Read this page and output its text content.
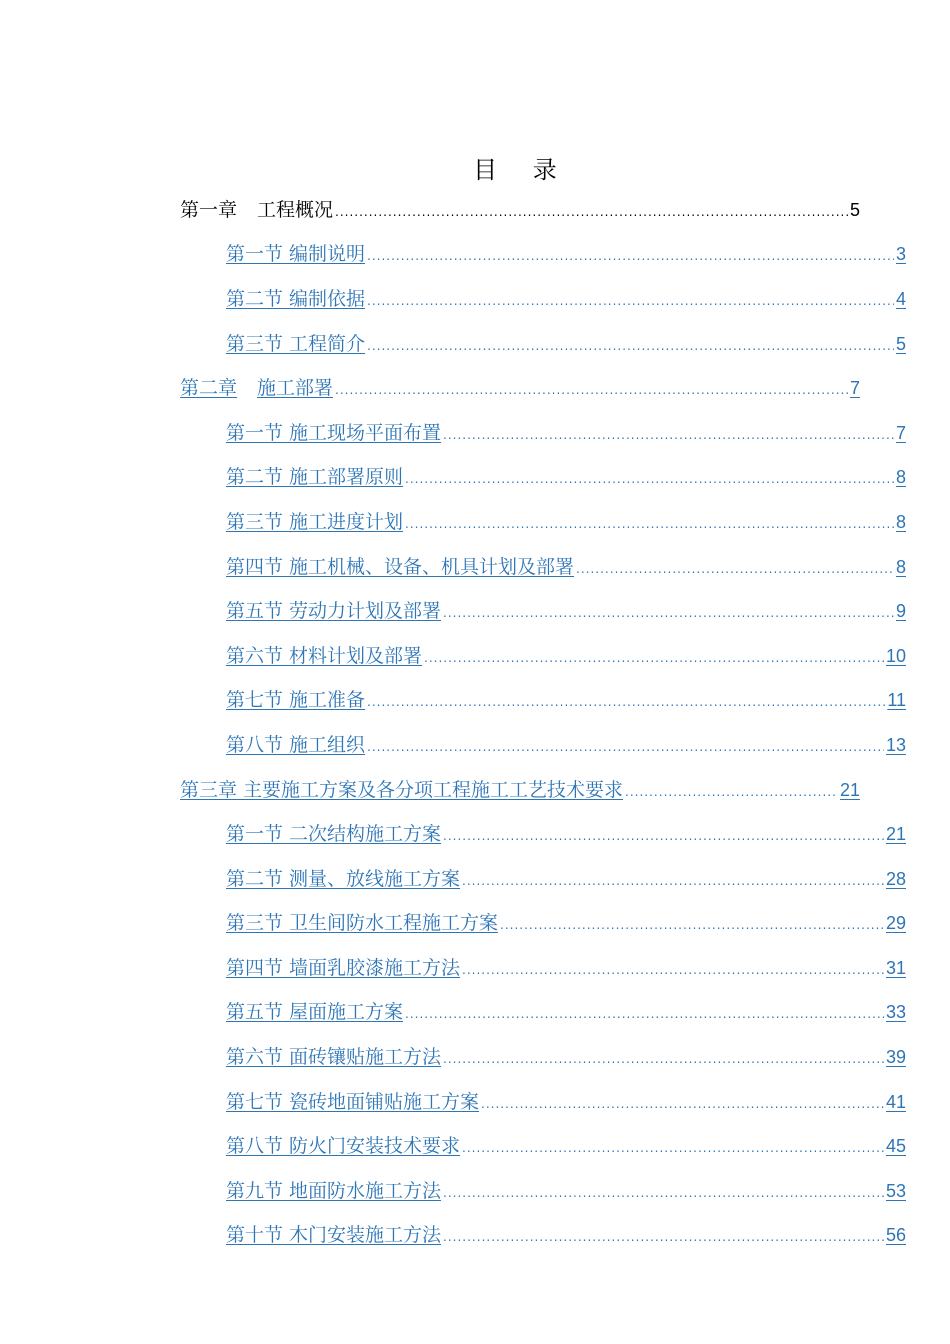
目 录
第一章 工程概况 .....	5
第一节 编制说明 .....	3
第二节 编制依据 .....	4
第三节 工程简介 .....	5
第二章 施工部署 .....	7
第一节 施工现场平面布置 .....	7
第二节 施工部署原则 .....	8
第三节 施工进度计划 .....	8
第四节 施工机械、设备、机具计划及部署 .....	8
第五节 劳动力计划及部署 .....	9
第六节 材料计划及部署 .....	10
第七节 施工准备 .....	11
第八节 施工组织 .....	13
第三章 主要施工方案及各分项工程施工工艺技术要求 .....	21
第一节 二次结构施工方案 .....	21
第二节 测量、放线施工方案 .....	28
第三节 卫生间防水工程施工方案 .....	29
第四节 墙面乳胶漆施工方法 .....	31
第五节 屋面施工方案 .....	33
第六节 面砖镶贴施工方法 .....	39
第七节 瓷砖地面铺贴施工方案 .....	41
第八节 防火门安装技术要求 .....	45
第九节 地面防水施工方法 .....	53
第十节 木门安装施工方法 .....	56
